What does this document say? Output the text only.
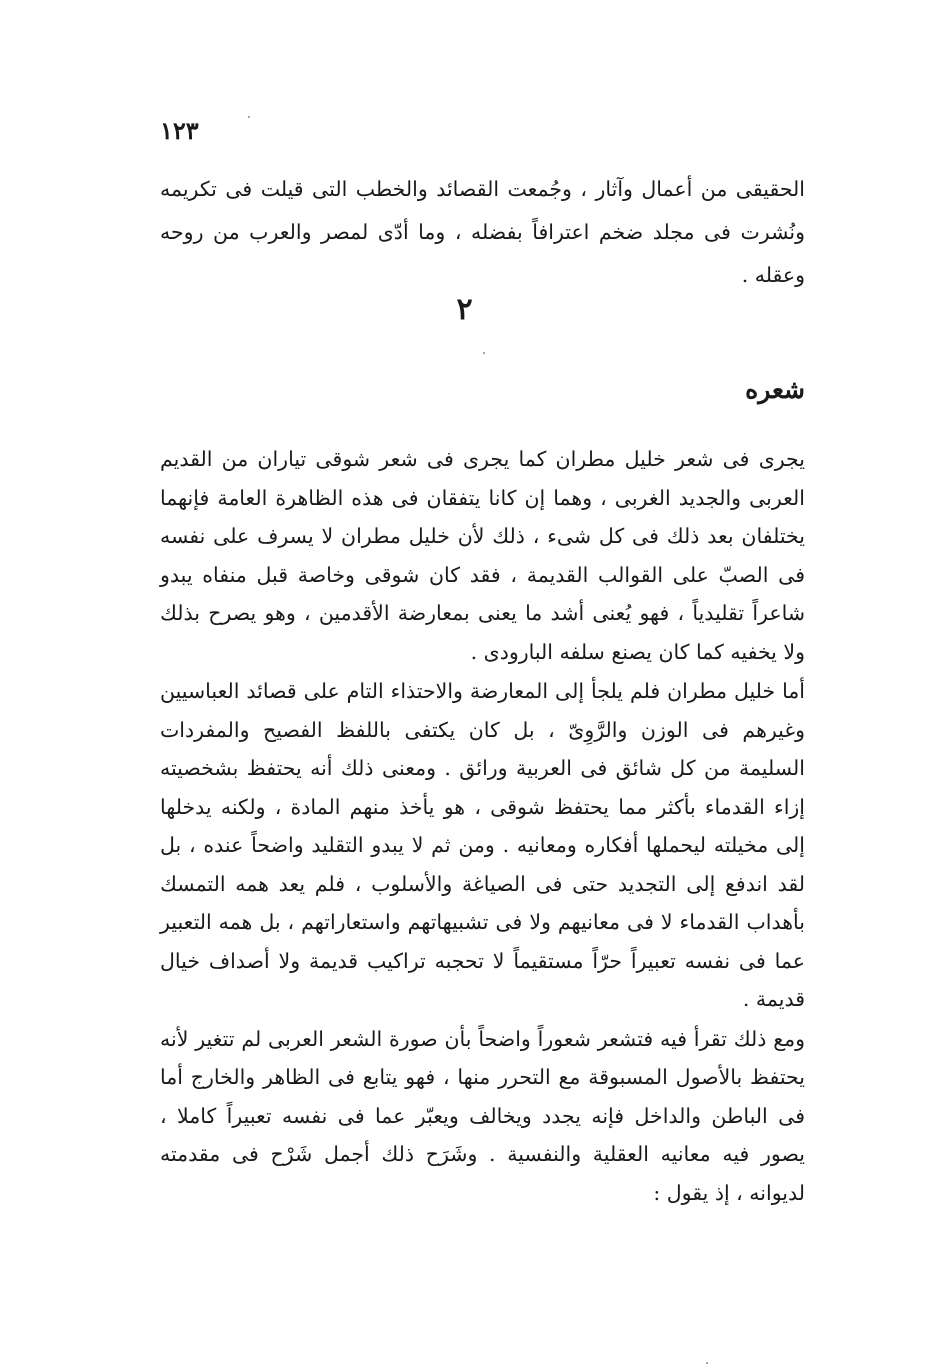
١٢٣

الحقيقى من أعمال وآثار ، وجُمعت القصائد والخطب التى قيلت فى تكريمه ونُشرت فى مجلد ضخم اعترافاً بفضله ، وما أدّى لمصر والعرب من روحه وعقله .

٢
شعره

يجرى فى شعر خليل مطران كما يجرى فى شعر شوقى تياران من القديم العربى والجديد الغربى ، وهما إن كانا يتفقان فى هذه الظاهرة العامة فإنهما يختلفان بعد ذلك فى كل شىء ، ذلك لأن خليل مطران لا يسرف على نفسه فى الصبّ على القوالب القديمة ، فقد كان شوقى وخاصة قبل منفاه يبدو شاعراً تقليدياً ، فهو يُعنى أشد ما يعنى بمعارضة الأقدمين ، وهو يصرح بذلك ولا يخفيه كما كان يصنع سلفه البارودى .

أما خليل مطران فلم يلجأ إلى المعارضة والاحتذاء التام على قصائد العباسيين وغيرهم فى الوزن والرَّوِىّ ، بل كان يكتفى باللفظ الفصيح والمفردات السليمة من كل شائق فى العربية ورائق . ومعنى ذلك أنه يحتفظ بشخصيته إزاء القدماء بأكثر مما يحتفظ شوقى ، هو يأخذ منهم المادة ، ولكنه يدخلها إلى مخيلته ليحملها أفكاره ومعانيه . ومن ثم لا يبدو التقليد واضحاً عنده ، بل لقد اندفع إلى التجديد حتى فى الصياغة والأسلوب ، فلم يعد همه التمسك بأهداب القدماء لا فى معانيهم ولا فى تشبيهاتهم واستعاراتهم ، بل همه التعبير عما فى نفسه تعبيراً حرّاً مستقيماً لا تحجبه تراكيب قديمة ولا أصداف خيال قديمة .

ومع ذلك تقرأ فيه فتشعر شعوراً واضحاً بأن صورة الشعر العربى لم تتغير لأنه يحتفظ بالأصول المسبوقة مع التحرر منها ، فهو يتابع فى الظاهر والخارج أما فى الباطن والداخل فإنه يجدد ويخالف ويعبّر عما فى نفسه تعبيراً كاملا ، يصور فيه معانيه العقلية والنفسية . وشَرَح ذلك أجمل شَرْح فى مقدمته لديوانه ، إذ يقول :
